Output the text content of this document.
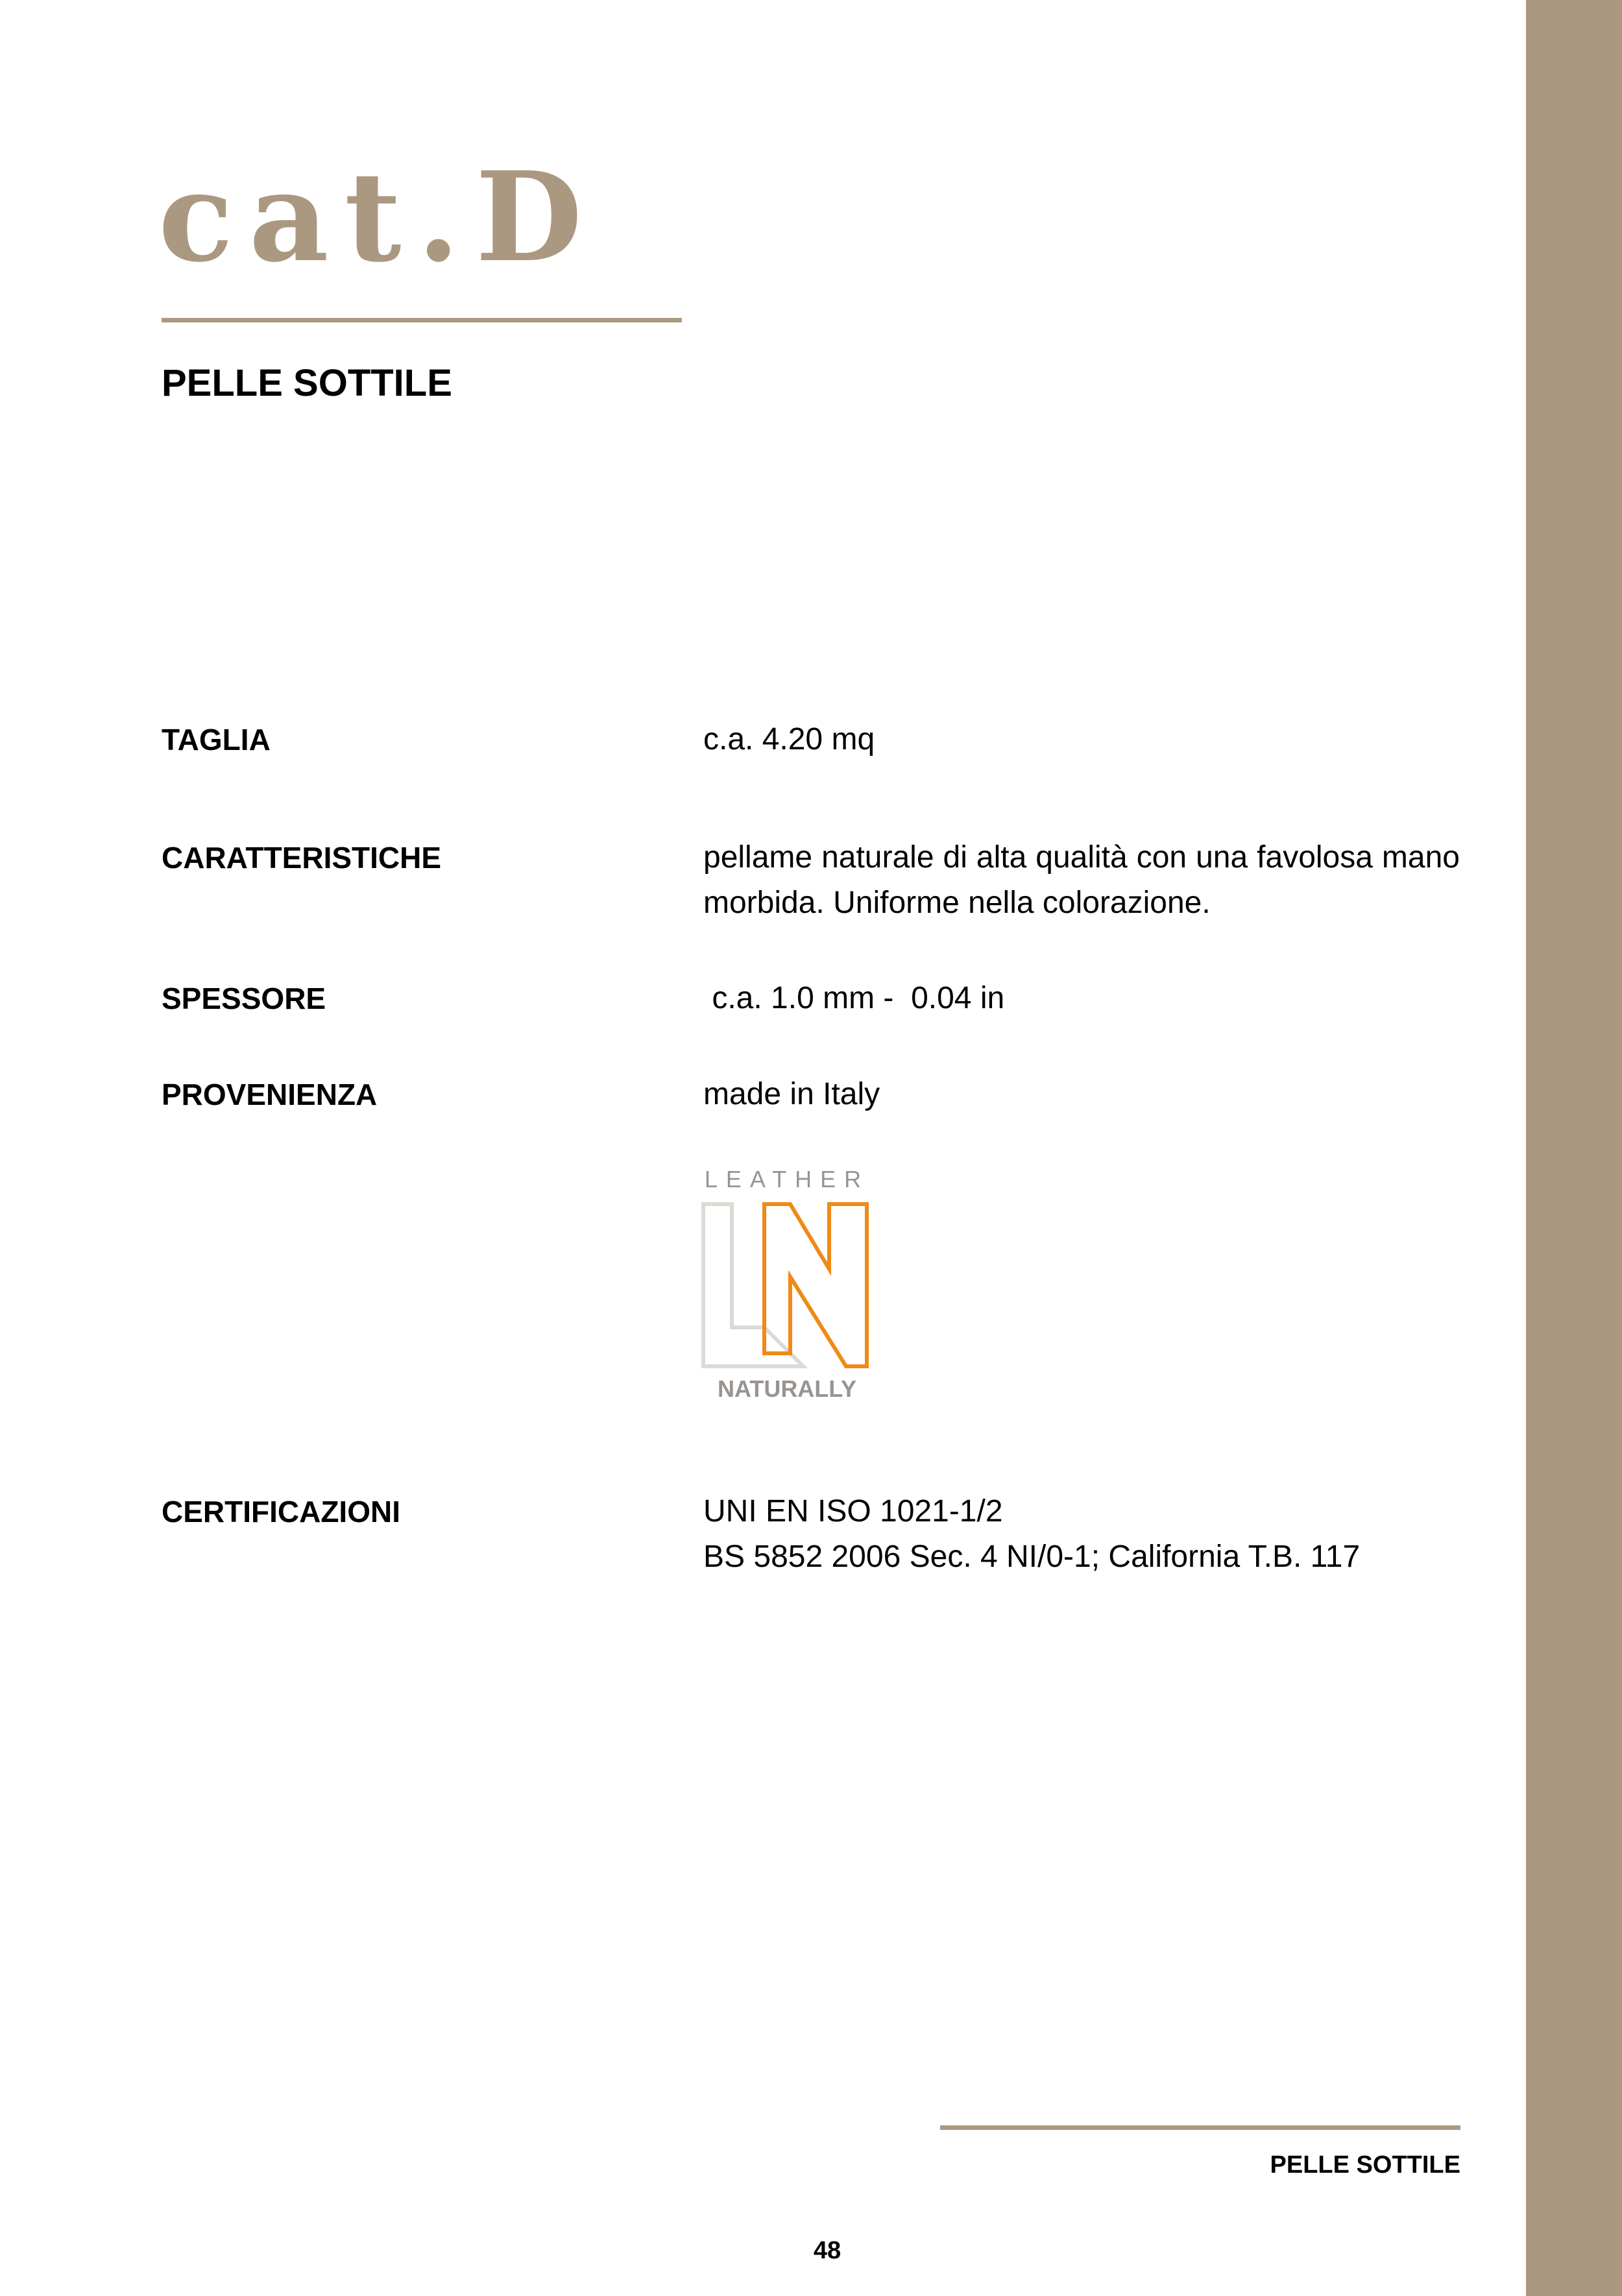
cat.D
PELLE SOTTILE
TAGLIA	c.a. 4.20 mq
CARATTERISTICHE	pellame naturale di alta qualità con una favolosa mano morbida. Uniforme nella colorazione.
SPESSORE	c.a. 1.0 mm -  0.04 in
PROVENIENZA	made in Italy
LEATHER
NATURALLY
CERTIFICAZIONI	UNI EN ISO 1021-1/2
BS 5852 2006 Sec. 4 NI/0-1; California T.B. 117
PELLE SOTTILE
48
